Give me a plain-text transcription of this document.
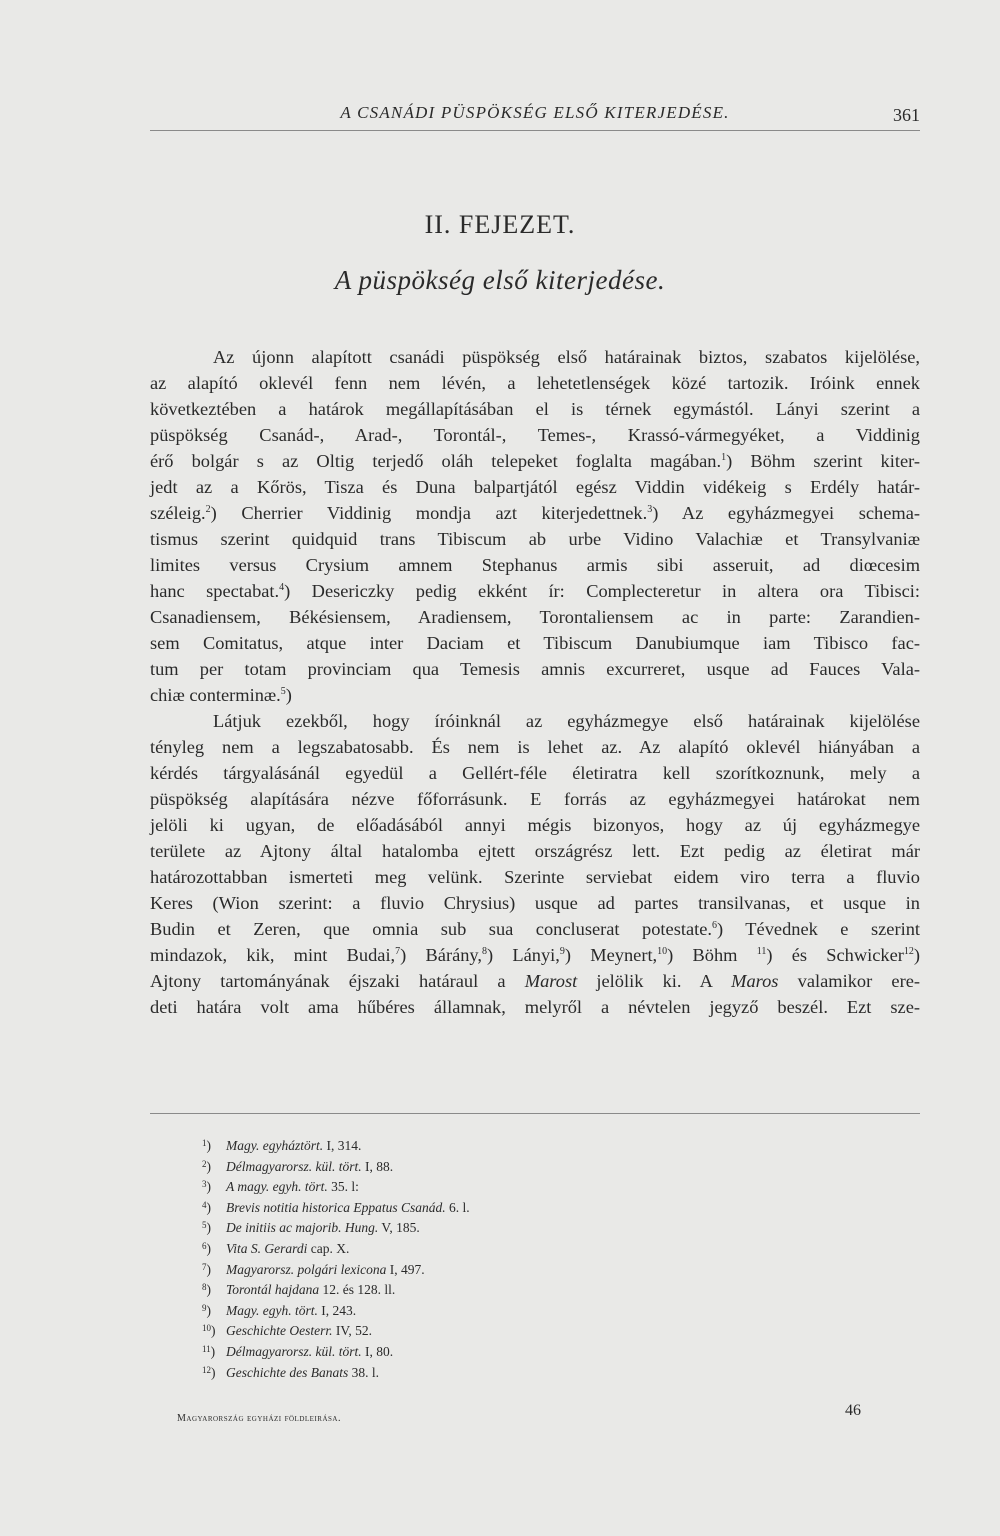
A CSANÁDI PÜSPÖKSÉG ELSŐ KITERJEDÉSE.	361
II. FEJEZET.
A püspökség első kiterjedése.
Az újonn alapított csanádi püspökség első határainak biztos, szabatos kijelölése,
az alapító oklevél fenn nem lévén, a lehetetlenségek közé tartozik. Iróink ennek
következtében a határok megállapításában el is térnek egymástól. Lányi szerint a
püspökség Csanád-, Arad-, Torontál-, Temes-, Krassó-vármegyéket, a Viddinig
érő bolgár s az Oltig terjedő oláh telepeket foglalta magában.$^1$) Böhm szerint kiter-
jedt az a Kőrös, Tisza és Duna balpartjától egész Viddin vidékeig s Erdély határ-
széleig.$^2$) Cherrier Viddinig mondja azt kiterjedettnek.$^3$) Az egyházmegyei schema-
tismus szerint quidquid trans Tibiscum ab urbe Vidino Valachiæ et Transylvaniæ
limites versus Crysium amnem Stephanus armis sibi asseruit, ad diœcesim
hanc spectabat.$^4$) Desericzky pedig ekként ír: Complecteretur in altera ora Tibisci:
Csanadiensem, Békésiensem, Aradiensem, Torontaliensem ac in parte: Zarandien-
sem Comitatus, atque inter Daciam et Tibiscum Danubiumque iam Tibisco fac-
tum per totam provinciam qua Temesis amnis excurreret, usque ad Fauces Vala-
chiæ conterminæ.$^5$)
Látjuk ezekből, hogy íróinknál az egyházmegye első határainak kijelölése
tényleg nem a legszabatosabb. És nem is lehet az. Az alapító oklevél hiányában a
kérdés tárgyalásánál egyedül a Gellért-féle életiratra kell szorítkoznunk, mely a
püspökség alapítására nézve főforrásunk. E forrás az egyházmegyei határokat nem
jelöli ki ugyan, de előadásából annyi mégis bizonyos, hogy az új egyházmegye
területe az Ajtony által hatalomba ejtett országrész lett. Ezt pedig az életirat már
határozottabban ismerteti meg velünk. Szerinte serviebat eidem viro terra a fluvio
Keres (Wion szerint: a fluvio Chrysius) usque ad partes transilvanas, et usque in
Budin et Zeren, que omnia sub sua concluserat potestate.$^6$) Tévednek e szerint
mindazok, kik, mint Budai,$^7$) Bárány,$^8$) Lányi,$^9$) Meynert,$^{10}$) Böhm $^{11}$) és Schwicker$^{12}$)
Ajtony tartományának éjszaki határaul a Marost jelölik ki. A Maros valamikor ere-
deti határa volt ama hűbéres államnak, melyről a névtelen jegyző beszél. Ezt sze-
$^1$) Magy. egyháztört. I, 314.
$^2$) Délmagyarorsz. kül. tört. I, 88.
$^3$) A magy. egyh. tört. 35. l:
$^4$) Brevis notitia historica Eppatus Csanád. 6. l.
$^5$) De initiis ac majorib. Hung. V, 185.
$^6$) Vita S. Gerardi cap. X.
$^7$) Magyarorsz. polgári lexicona I, 497.
$^8$) Torontál hajdana 12. és 128. ll.
$^9$) Magy. egyh. tört. I, 243.
$^{10}$) Geschichte Oesterr. IV, 52.
$^{11}$) Délmagyarorsz. kül. tört. I, 80.
$^{12}$) Geschichte des Banats 38. l.
Magyarország egyházi földleirása.	46
